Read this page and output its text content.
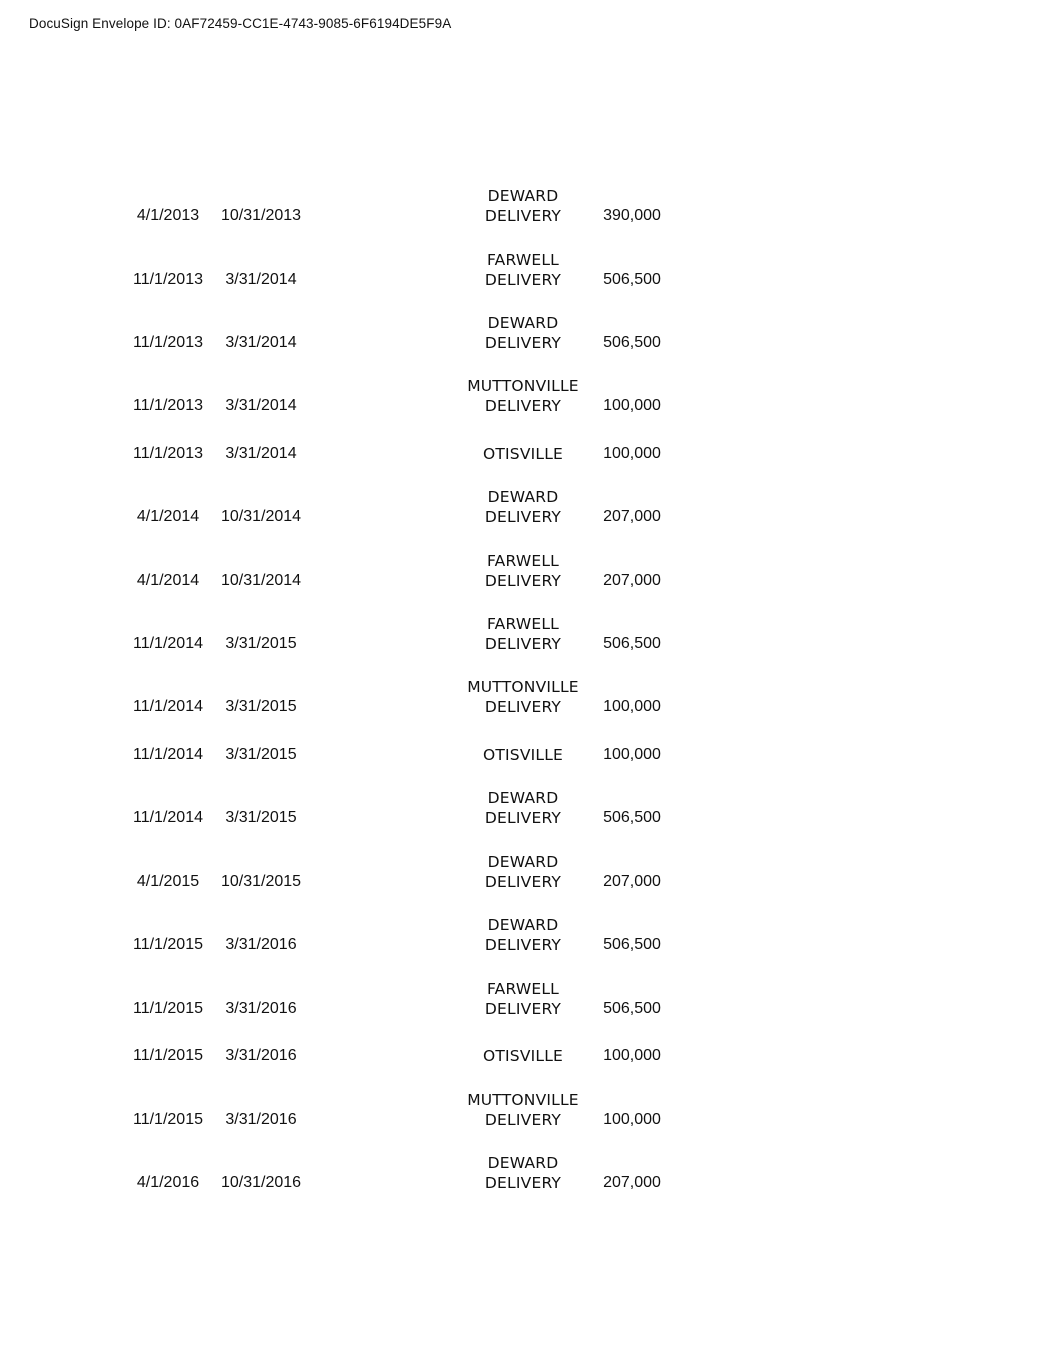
DocuSign Envelope ID: 0AF72459-CC1E-4743-9085-6F6194DE5F9A
4/1/2013 10/31/2013
DEWARD
DELIVERY	390,000
11/1/2013 3/31/2014
FARWELL
DELIVERY	506,500
11/1/2013 3/31/2014
DEWARD
DELIVERY	506,500
11/1/2013 3/31/2014
MUTTONVILLE
DELIVERY	100,000
11/1/2013 3/31/2014	OTISVILLE	100,000
4/1/2014 10/31/2014
DEWARD
DELIVERY	207,000
4/1/2014 10/31/2014
FARWELL
DELIVERY	207,000
11/1/2014 3/31/2015
FARWELL
DELIVERY	506,500
11/1/2014 3/31/2015
MUTTONVILLE
DELIVERY	100,000
11/1/2014 3/31/2015	OTISVILLE	100,000
11/1/2014 3/31/2015
DEWARD
DELIVERY	506,500
4/1/2015 10/31/2015
DEWARD
DELIVERY	207,000
11/1/2015 3/31/2016
DEWARD
DELIVERY	506,500
11/1/2015 3/31/2016
FARWELL
DELIVERY	506,500
11/1/2015 3/31/2016	OTISVILLE	100,000
11/1/2015 3/31/2016
MUTTONVILLE
DELIVERY	100,000
4/1/2016 10/31/2016
DEWARD
DELIVERY	207,000
